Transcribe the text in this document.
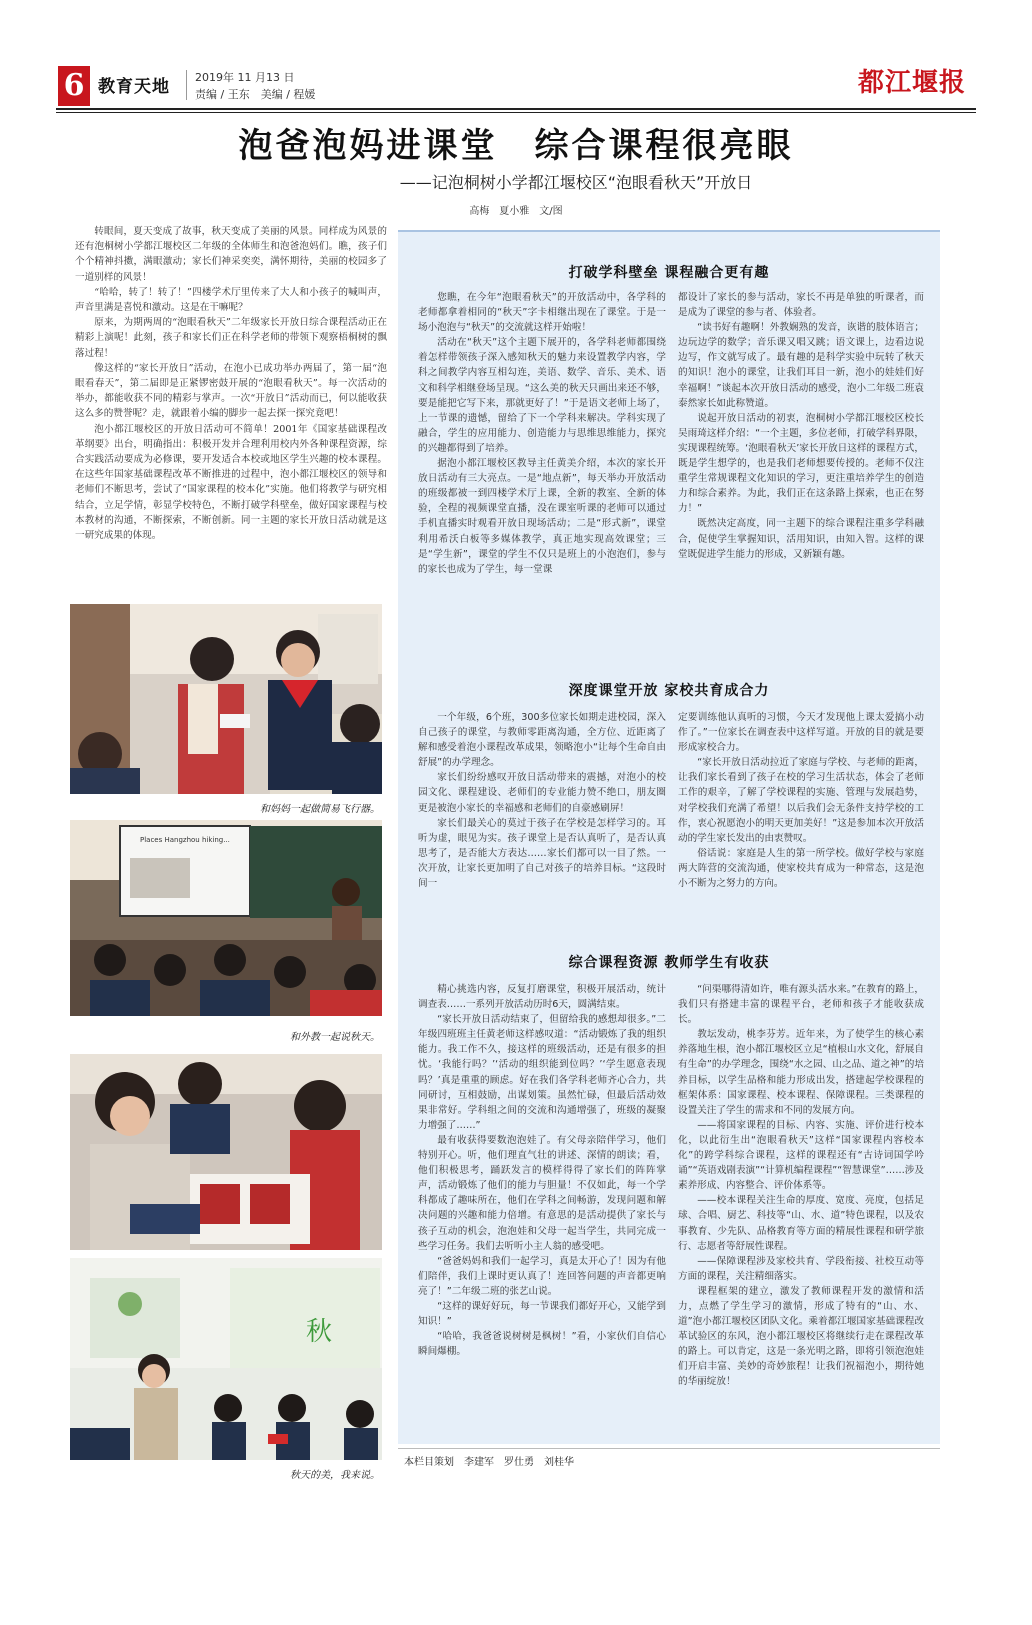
6 教育天地 2019年 11 月13 日
责编 / 王东　美编 / 程媛	都江堰报
泡爸泡妈进课堂　综合课程很亮眼
——记泡桐树小学都江堰校区“泡眼看秋天”开放日
高梅　夏小雅　文/图

转眼间，夏天变成了故事，秋天变成了美丽的风景。同样成为风景的还有泡桐树小学都江堰校区二年级的全体师生和泡爸泡妈们。瞧，孩子们个个精神抖擞，满眼激动；家长们神采奕奕，满怀期待，美丽的校园多了一道别样的风景！

“哈哈，转了！转了！”四楼学术厅里传来了大人和小孩子的喊叫声，声音里满是喜悦和激动。这是在干嘛呢？

原来，为期两周的“泡眼看秋天”二年级家长开放日综合课程活动正在精彩上演呢！此刻，孩子和家长们正在科学老师的带领下观察梧桐树的飘落过程！

像这样的“家长开放日”活动，在泡小已成功举办两届了，第一届“泡眼看春天”，第二届即是正紧锣密鼓开展的“泡眼看秋天”。每一次活动的举办，都能收获不同的精彩与掌声。一次“开放日”活动而已，何以能收获这么多的赞誉呢？走，就跟着小编的脚步一起去探一探究竟吧！

泡小都江堰校区的开放日活动可不简单！2001年《国家基础课程改革纲要》出台，明确指出：积极开发并合理利用校内外各种课程资源，综合实践活动要成为必修课，要开发适合本校或地区学生兴趣的校本课程。在这些年国家基础课程改革不断推进的过程中，泡小都江堰校区的领导和老师们不断思考，尝试了“国家课程的校本化”实施。他们将教学与研究相结合，立足学情，彰显学校特色，不断打破学科壁垒，做好国家课程与校本教材的沟通，不断探索，不断创新。同一主题的家长开放日活动就是这一研究成果的体现。

和妈妈一起做简易飞行器。
Places Hangzhou hiking...
和外教一起说秋天。
秋
秋天的美，我来说。
打破学科壁垒 课程融合更有趣

您瞧，在今年“泡眼看秋天”的开放活动中，各学科的老师都拿着相同的“秋天”字卡相继出现在了课堂。于是一场小泡泡与“秋天”的交流就这样开始啦！

活动在“秋天”这个主题下展开的，各学科老师都围绕着怎样带领孩子深入感知秋天的魅力来设置教学内容，学科之间教学内容互相勾连，美语、数学、音乐、美术、语文和科学相继登场呈现。“这么美的秋天只画出来还不够，要是能把它写下来，那就更好了！”于是语文老师上场了，上一节课的遗憾，留给了下一个学科来解决。学科实现了融合，学生的应用能力、创造能力与思维思维能力，探究的兴趣都得到了培养。

据泡小都江堰校区教导主任黄美介绍，本次的家长开放日活动有三大亮点。一是“地点新”，每天举办开放活动的班级都被一到四楼学术厅上课，全新的教室、全新的体验，全程的视频课堂直播，没在课室听课的老师可以通过手机直播实时观看开放日现场活动；二是“形式新”，课堂利用希沃白板等多媒体教学，真正地实现高效课堂；三是“学生新”，课堂的学生不仅只是班上的小泡泡们，参与的家长也成为了学生，每一堂课

都设计了家长的参与活动，家长不再是单独的听课者，而是成为了课堂的参与者、体验者。

“读书好有趣啊！外教娴熟的发音，诙谐的肢体语言；边玩边学的数学；音乐课又唱又跳；语文课上，边看边说边写，作文就写成了。最有趣的是科学实验中玩转了秋天的知识！泡小的课堂，让我们耳目一新，泡小的娃娃们好幸福啊！”谈起本次开放日活动的感受，泡小二年级二班袁泰然家长如此称赞道。

说起开放日活动的初衷，泡桐树小学都江堰校区校长吴雨琦这样介绍：“一个主题，多位老师，打破学科界限，实现课程统筹。‘泡眼看秋天’家长开放日这样的课程方式，既是学生想学的，也是我们老师想要传授的。老师不仅注重学生常规课程文化知识的学习，更注重培养学生的创造力和综合素养。为此，我们正在这条路上探索，也正在努力！”

既然决定高度，同一主题下的综合课程注重多学科融合，促使学生掌握知识，活用知识，由知入智。这样的课堂既促进学生能力的形成，又新颖有趣。

深度课堂开放 家校共育成合力

一个年级，6个班，300多位家长如期走进校园，深入自己孩子的课堂，与教师零距离沟通，全方位、近距离了解和感受着泡小课程改革成果，领略泡小“让每个生命自由舒展”的办学理念。

家长们纷纷感叹开放日活动带来的震撼，对泡小的校园文化、课程建设、老师们的专业能力赞不绝口，朋友圈更是被泡小家长的幸福感和老师们的自豪感刷屏！

家长们最关心的莫过于孩子在学校是怎样学习的。耳听为虚，眼见为实。孩子课堂上是否认真听了，是否认真思考了，是否能大方表达……家长们都可以一目了然。一次开放，让家长更加明了自己对孩子的培养目标。“这段时间一

定要训练他认真听的习惯，今天才发现他上课太爱搞小动作了。”一位家长在调查表中这样写道。开放的目的就是要形成家校合力。

“家长开放日活动拉近了家庭与学校、与老师的距离，让我们家长看到了孩子在校的学习生活状态，体会了老师工作的艰辛，了解了学校课程的实施、管理与发展趋势，对学校我们充满了希望！以后我们会无条件支持学校的工作，衷心祝愿泡小的明天更加美好！”这是参加本次开放活动的学生家长发出的由衷赞叹。

俗话说：家庭是人生的第一所学校。做好学校与家庭两大阵营的交流沟通，使家校共育成为一种常态，这是泡小不断为之努力的方向。

综合课程资源 教师学生有收获

精心挑选内容，反复打磨课堂，积极开展活动，统计调查表……一系列开放活动历时6天，圆满结束。

“家长开放日活动结束了，但留给我的感想却很多。”二年级四班班主任黄老师这样感叹道：“活动锻炼了我的组织能力。我工作不久，接这样的班级活动，还是有很多的担忧。‘我能行吗？’‘活动的组织能到位吗？’‘学生愿意表现吗？’真是重重的顾虑。好在我们各学科老师齐心合力，共同研讨，互相鼓励，出谋划策。虽然忙碌，但最后活动效果非常好。学科组之间的交流和沟通增强了，班级的凝聚力增强了……”

最有收获得要数泡泡娃了。有父母亲陪伴学习，他们特别开心。听，他们理直气壮的讲述、深情的朗读；看，他们积极思考，踊跃发言的模样得得了家长们的阵阵掌声，活动锻炼了他们的能力与胆量！不仅如此，每一个学科都成了趣味所在，他们在学科之间畅游，发现问题和解决问题的兴趣和能力倍增。有意思的是活动提供了家长与孩子互动的机会，泡泡娃和父母一起当学生，共同完成一些学习任务。我们去听听小主人翁的感受吧。

“爸爸妈妈和我们一起学习，真是太开心了！因为有他们陪伴，我们上课时更认真了！连回答问题的声音都更响亮了！”二年级二班的张艺山说。

“这样的课好好玩，每一节课我们都好开心，又能学到知识！”

“哈哈，我爸爸说树树是枫树！”看，小家伙们自信心瞬间爆棚。

“问渠哪得清如许，唯有源头活水来。”在教育的路上，我们只有搭建丰富的课程平台，老师和孩子才能收获成长。

教坛发动，桃李芬芳。近年来，为了使学生的核心素养落地生根，泡小都江堰校区立足“植根山水文化，舒展自有生命”的办学理念，围绕“水之园、山之品、道之神”的培养目标，以学生品格和能力形成出发，搭建起学校课程的框架体系：国家课程、校本课程、保障课程。三类课程的设置关注了学生的需求和不同的发展方向。

——将国家课程的目标、内容、实施、评价进行校本化，以此衍生出“泡眼看秋天”这样“国家课程内容校本化”的跨学科综合课程，这样的课程还有“古诗词国学吟诵”“英语戏剧表演”“计算机编程课程”“智慧课堂”……涉及素养形成、内容整合、评价体系等。

——校本课程关注生命的厚度、宽度、亮度，包括足球、合唱、厨艺、科技等“山、水、道”特色课程，以及农事教育、少先队、品格教育等方面的精展性课程和研学旅行、志愿者等舒展性课程。

——保障课程涉及家校共育、学段衔接、社校互动等方面的课程，关注精细落实。

课程框架的建立，激发了教师课程开发的激情和活力，点燃了学生学习的激情，形成了特有的“山、水、道”泡小都江堰校区团队文化。乘着都江堰国家基础课程改革试验区的东风，泡小都江堰校区将继续行走在课程改革的路上。可以肯定，这是一条光明之路，即将引领泡泡娃们开启丰富、美妙的奇妙旅程！让我们祝福泡小，期待她的华丽绽放！

本栏目策划　李建军　罗仕勇　刘桂华
